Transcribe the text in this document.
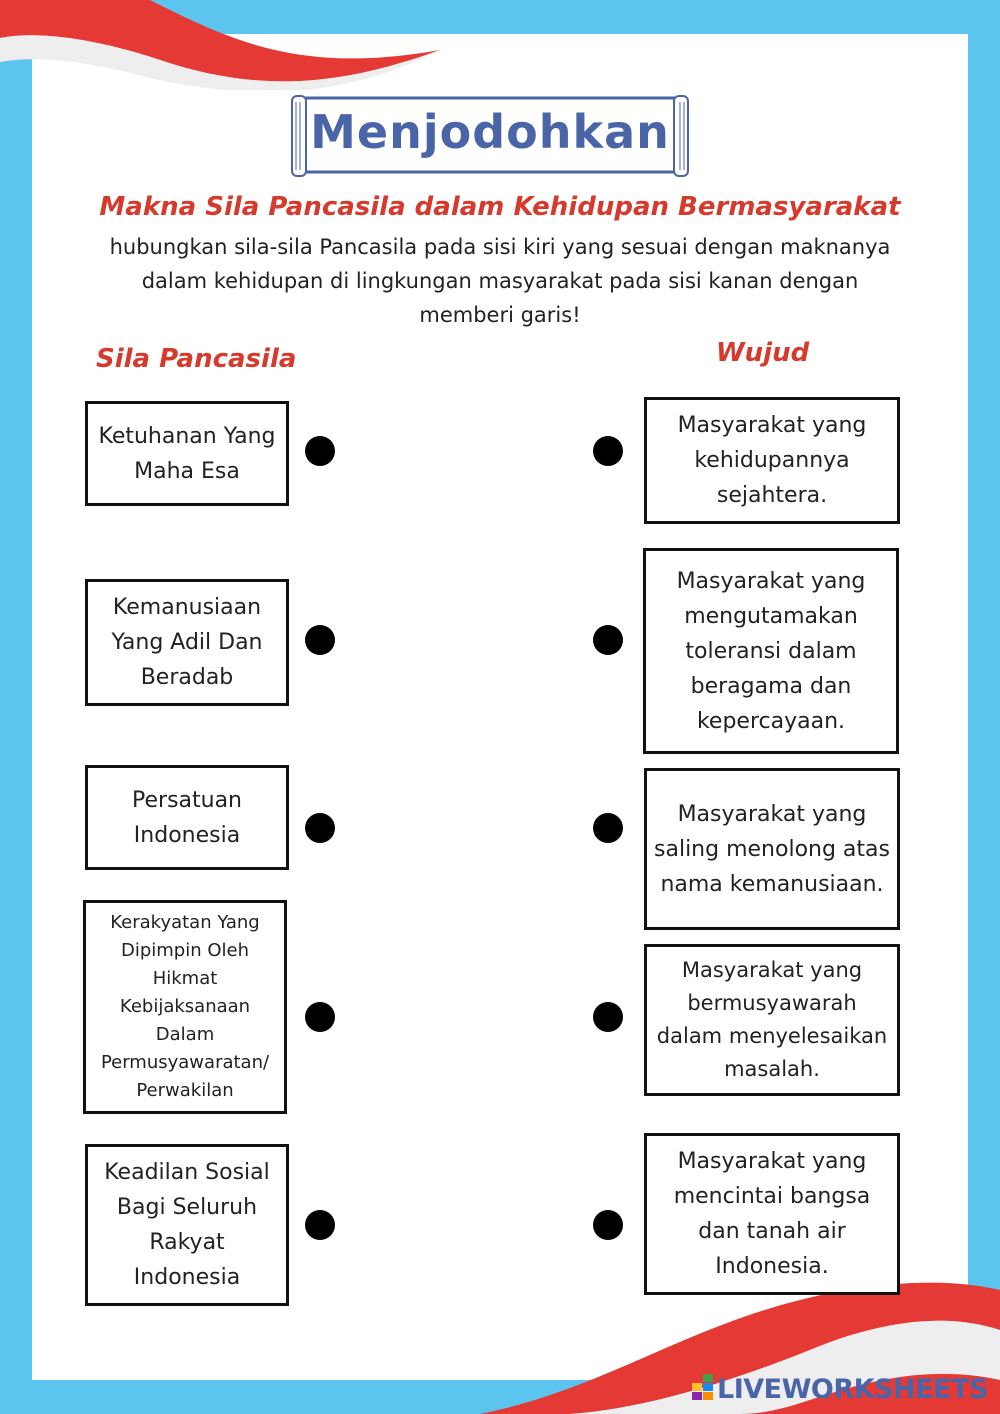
Menjodohkan
Makna Sila Pancasila dalam Kehidupan Bermasyarakat
hubungkan sila-sila Pancasila pada sisi kiri yang sesuai dengan maknanya dalam kehidupan di lingkungan masyarakat pada sisi kanan dengan memberi garis!
Sila Pancasila	Wujud
Ketuhanan Yang Maha Esa
Kemanusiaan Yang Adil Dan Beradab
Persatuan Indonesia
Kerakyatan Yang Dipimpin Oleh Hikmat Kebijaksanaan Dalam Permusyawaratan/ Perwakilan
Keadilan Sosial Bagi Seluruh Rakyat Indonesia
Masyarakat yang kehidupannya sejahtera.
Masyarakat yang mengutamakan toleransi dalam beragama dan kepercayaan.
Masyarakat yang saling menolong atas nama kemanusiaan.
Masyarakat yang bermusyawarah dalam menyelesaikan masalah.
Masyarakat yang mencintai bangsa dan tanah air Indonesia.
LIVEWORKSHEETS
